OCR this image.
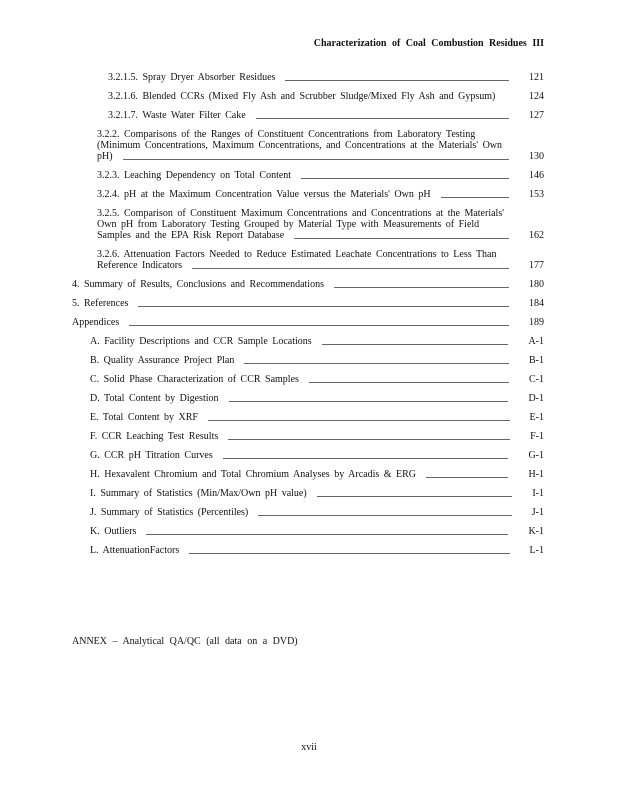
Characterization of Coal Combustion Residues III
3.2.1.5. Spray Dryer Absorber Residues	121
3.2.1.6. Blended CCRs (Mixed Fly Ash and Scrubber Sludge/Mixed Fly Ash and Gypsum)	124
3.2.1.7. Waste Water Filter Cake	127
3.2.2. Comparisons of the Ranges of Constituent Concentrations from Laboratory Testing (Minimum Concentrations, Maximum Concentrations, and Concentrations at the Materials' Own pH)	130
3.2.3. Leaching Dependency on Total Content	146
3.2.4. pH at the Maximum Concentration Value versus the Materials' Own pH	153
3.2.5. Comparison of Constituent Maximum Concentrations and Concentrations at the Materials' Own pH from Laboratory Testing Grouped by Material Type with Measurements of Field Samples and the EPA Risk Report Database	162
3.2.6. Attenuation Factors Needed to Reduce Estimated Leachate Concentrations to Less Than Reference Indicators	177
4. Summary of Results, Conclusions and Recommendations	180
5. References	184
Appendices	189
A. Facility Descriptions and CCR Sample Locations	A-1
B. Quality Assurance Project Plan	B-1
C. Solid Phase Characterization of CCR Samples	C-1
D. Total Content by Digestion	D-1
E. Total Content by XRF	E-1
F. CCR Leaching Test Results	F-1
G. CCR pH Titration Curves	G-1
H. Hexavalent Chromium and Total Chromium Analyses by Arcadis & ERG	H-1
I. Summary of Statistics (Min/Max/Own pH value)	I-1
J. Summary of Statistics (Percentiles)	J-1
K. Outliers	K-1
L. AttenuationFactors	L-1
ANNEX – Analytical QA/QC (all data on a DVD)
xvii
